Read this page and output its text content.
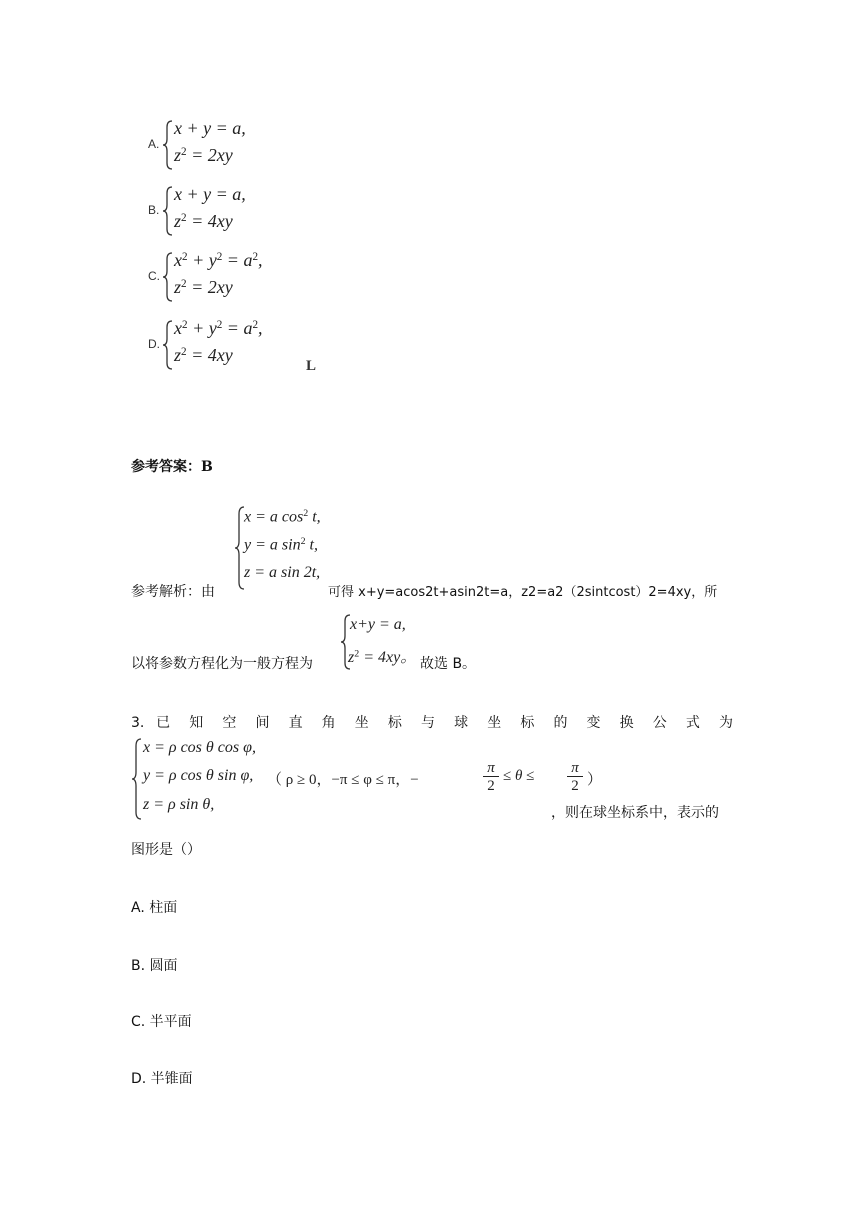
A.
x + y = a,
$z^2 = 2xy$
B.
x + y = a,
$z^2 = 4xy$
C.
$x^2 + y^2 = a^2$,
$z^2 = 2xy$
D.
$x^2 + y^2 = a^2$,
$z^2 = 4xy$
L
参考答案：B
参考解析：由
x = a $\cos^2 t$,
y = a $\sin^2 t$,
z = a sin 2t,
可得 x+y=acos2t+asin2t=a，z2=a2（2sintcost）2=4xy，所
以将参数方程化为一般方程为
x+y = a,
$z^2 = 4xy$。 故选 B。
3. 已 知 空 间 直 角 坐 标 与 球 坐 标 的 变 换 公 式 为
x = ρ cos θ cos φ,
y = ρ cos θ sin φ,
z = ρ sin θ,
（ ρ ≥ 0，−π ≤ φ ≤ π，−
π
2
≤ θ ≤ π
2 ）
，则在球坐标系中，表示的
图形是（）
A. 柱面
B. 圆面
C. 半平面
D. 半锥面
